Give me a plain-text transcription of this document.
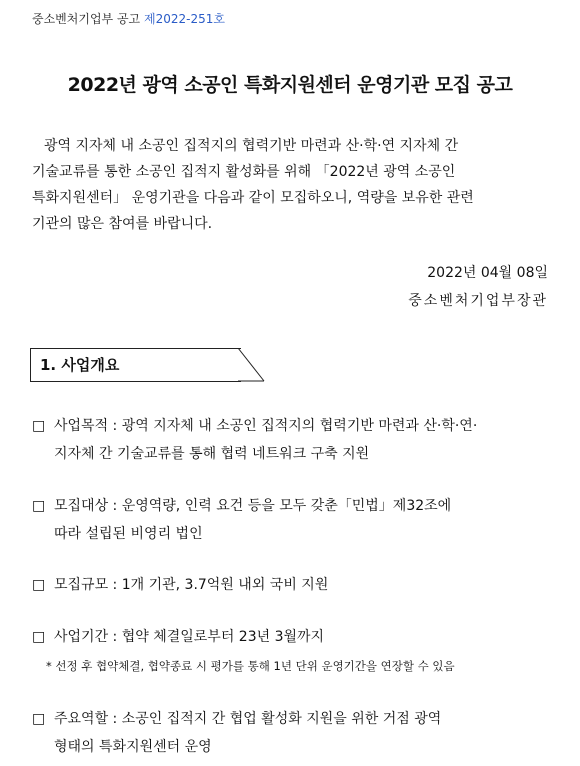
중소벤처기업부 공고 제2022-251호
2022년 광역 소공인 특화지원센터 운영기관 모집 공고

광역 지자체 내 소공인 집적지의 협력기반 마련과 산·학·연 지자체 간

기술교류를 통한 소공인 집적지 활성화를 위해 「2022년 광역 소공인
특화지원센터」 운영기관을 다음과 같이 모집하오니, 역량을 보유한 관련
기관의 많은 참여를 바랍니다.
2022년 04월 08일
중소벤처기업부장관
1. 사업개요
□ 사업목적 : 광역 지자체 내 소공인 집적지의 협력기반 마련과 산·학·연·
지자체 간 기술교류를 통해 협력 네트워크 구축 지원
□ 모집대상 : 운영역량, 인력 요건 등을 모두 갖춘「민법」제32조에
따라 설립된 비영리 법인
□ 모집규모 : 1개 기관, 3.7억원 내외 국비 지원
□ 사업기간 : 협약 체결일로부터 23년 3월까지
* 선정 후 협약체결, 협약종료 시 평가를 통해 1년 단위 운영기간을 연장할 수 있음
□ 주요역할 : 소공인 집적지 간 협업 활성화 지원을 위한 거점 광역
형태의 특화지원센터 운영
